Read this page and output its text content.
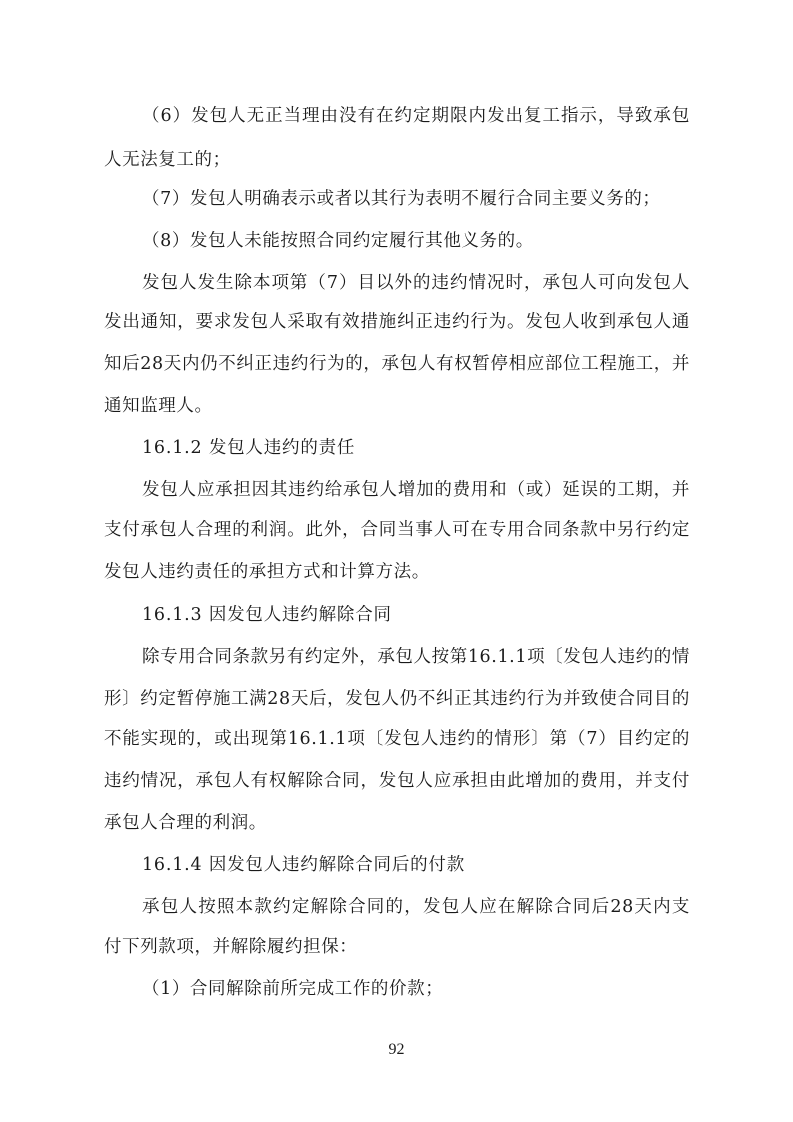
（6）发包人无正当理由没有在约定期限内发出复工指示，导致承包
人无法复工的；
（7）发包人明确表示或者以其行为表明不履行合同主要义务的；
（8）发包人未能按照合同约定履行其他义务的。
发包人发生除本项第（7）目以外的违约情况时，承包人可向发包人
发出通知，要求发包人采取有效措施纠正违约行为。发包人收到承包人通
知后28天内仍不纠正违约行为的，承包人有权暂停相应部位工程施工，并
通知监理人。
16.1.2 发包人违约的责任
发包人应承担因其违约给承包人增加的费用和（或）延误的工期，并
支付承包人合理的利润。此外，合同当事人可在专用合同条款中另行约定
发包人违约责任的承担方式和计算方法。
16.1.3 因发包人违约解除合同
除专用合同条款另有约定外，承包人按第16.1.1项〔发包人违约的情
形〕约定暂停施工满28天后，发包人仍不纠正其违约行为并致使合同目的
不能实现的，或出现第16.1.1项〔发包人违约的情形〕第（7）目约定的
违约情况，承包人有权解除合同，发包人应承担由此增加的费用，并支付
承包人合理的利润。
16.1.4 因发包人违约解除合同后的付款
承包人按照本款约定解除合同的，发包人应在解除合同后28天内支
付下列款项，并解除履约担保：
（1）合同解除前所完成工作的价款；
92
